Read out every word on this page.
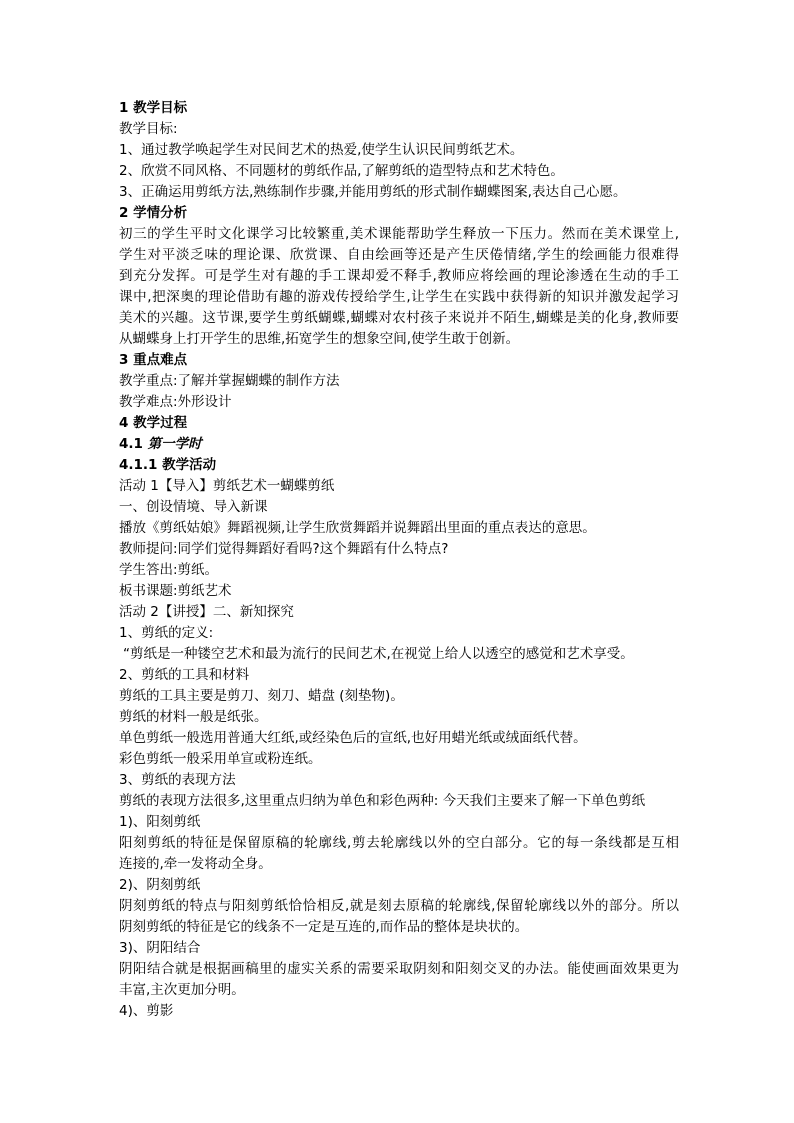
1 教学目标
教学目标:
1、通过教学唤起学生对民间艺术的热爱,使学生认识民间剪纸艺术。
2、欣赏不同风格、不同题材的剪纸作品,了解剪纸的造型特点和艺术特色。
3、正确运用剪纸方法,熟练制作步骤,并能用剪纸的形式制作蝴蝶图案,表达自己心愿。
2 学情分析
初三的学生平时文化课学习比较繁重,美术课能帮助学生释放一下压力。然而在美术课堂上,
学生对平淡乏味的理论课、欣赏课、自由绘画等还是产生厌倦情绪,学生的绘画能力很难得
到充分发挥。可是学生对有趣的手工课却爱不释手,教师应将绘画的理论渗透在生动的手工
课中,把深奥的理论借助有趣的游戏传授给学生,让学生在实践中获得新的知识并激发起学习
美术的兴趣。这节课,要学生剪纸蝴蝶,蝴蝶对农村孩子来说并不陌生,蝴蝶是美的化身,教师要
从蝴蝶身上打开学生的思维,拓宽学生的想象空间,使学生敢于创新。
3 重点难点
教学重点:了解并掌握蝴蝶的制作方法
教学难点:外形设计
4 教学过程
4.1 第一学时
4.1.1 教学活动
活动 1【导入】剪纸艺术一蝴蝶剪纸
一、创设情境、导入新课
播放《剪纸姑娘》舞蹈视频,让学生欣赏舞蹈并说舞蹈出里面的重点表达的意思。
教师提问:同学们觉得舞蹈好看吗?这个舞蹈有什么特点?
学生答出:剪纸。
板书课题:剪纸艺术
活动 2【讲授】二、新知探究
1、剪纸的定义:
“剪纸是一种镂空艺术和最为流行的民间艺术,在视觉上给人以透空的感觉和艺术享受。
2、剪纸的工具和材料
剪纸的工具主要是剪刀、刻刀、蜡盘 (刻垫物)。
剪纸的材料一般是纸张。
单色剪纸一般选用普通大红纸,或经染色后的宣纸,也好用蜡光纸或绒面纸代替。
彩色剪纸一般采用单宣或粉连纸。
3、剪纸的表现方法
剪纸的表现方法很多,这里重点归纳为单色和彩色两种: 今天我们主要来了解一下单色剪纸
1)、阳刻剪纸
阳刻剪纸的特征是保留原稿的轮廓线,剪去轮廓线以外的空白部分。它的每一条线都是互相
连接的,牵一发将动全身。
2)、阴刻剪纸
阴刻剪纸的特点与阳刻剪纸恰恰相反,就是刻去原稿的轮廓线,保留轮廓线以外的部分。所以
阴刻剪纸的特征是它的线条不一定是互连的,而作品的整体是块状的。
3)、阴阳结合
阴阳结合就是根据画稿里的虚实关系的需要采取阴刻和阳刻交叉的办法。能使画面效果更为
丰富,主次更加分明。
4)、剪影
